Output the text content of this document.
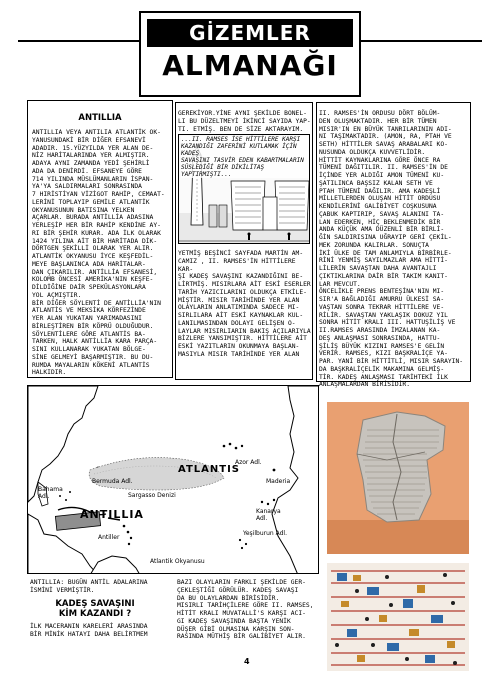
GİZEMLER
ALMANAĞI
ANTILLIA
ANTILLIA VEYA ANTILIA ATLANTİK OK-
YANUSUNDAKİ BİR DİĞER EFSANEVİ
ADADIR. 15.YÜZYILDA YER ALAN DE-
NİZ HARİTALARINDA YER ALMIŞTIR.
ADAYA AYNI ZAMANDA YEDİ ŞEHİRLİ
ADA DA DENİRDİ. EFSANEYE GÖRE
714 YILINDA MÜSLÜMANLARIN İSPAN-
YA'YA SALDIRMALARI SONRASINDA
7 HIRİSTİYAN VİZİGOT RAHİP, CEMAAT-
LERİNİ TOPLAYIP GEMİLE ATLANTİK
OKYANUSUNUN BATISINA YELKEN
AÇARLAR. BURADA ANTİLLİA ADASINA
YERLEŞİP HER BİR RAHİP KENDİNE AY-
RI BİR ŞEHİR KURAR. ADA İLK OLARAK
1424 YILINA AİT BİR HARİTADA DİK-
DÖRTGEN ŞEKİLLİ OLARAK YER ALIR.
ATLANTİK OKYANUSU İYCE KEŞFEDİL-
MEYE BAŞLANINCA ADA HARİTALAR-
DAN ÇIKARILIR. ANTİLLİA EFSANESİ,
KOLOMB ÖNCESİ AMERİKA'NIN KEŞFE-
DİLDİĞİNE DAİR SPEKÜLASYONLARA
YOL AÇMIŞTIR.
BİR DİĞER SÖYLENTİ DE ANTİLLİA'NIN
ATLANTİS VE MEKSİKA KÖRFEZİNDE
YER ALAN YUKATAN YARIMADASINI
BİRLEŞTİREN BİR KÖPRÜ OLDUĞUDUR.
SÖYLENTİLERE GÖRE ATLANTİS BA-
TARKEN, HALK ANTİLLİA KARA PARÇA-
SINI KULLANARAK YUKATAN BÖLGE-
SİNE GELMEYİ BAŞARMIŞTIR. BU DU-
RUMDA MAYALARIN KÖKENİ ATLANTİS
HALKIDIR.
GEREKİYOR.YİNE AYNI ŞEKİLDE BONEL-
LI BU DÜZELTMEYİ İKİNCİ SAYIDA YAP-
TI. ETMİŞ. BEN DE SİZE AKTARAYIM.
...II. RAMSES İSE HİTTİLERE KARŞI
KAZANDIĞI ZAFERİNİ KUTLAMAK İÇİN KADEŞ
SAVAŞINI TASVİR EDEN KABARTMALARIN
SÜSLEDİĞİ BİR DİKİLİTAŞ YAPTIRMIŞTI...
YETMİŞ BEŞİNCİ SAYFADA MARTİN AM-
CAMIZ , II. RAMSES'İN HİTTİLERE KAR-
ŞI KADEŞ SAVAŞINI KAZANDIĞINI BE-
LİRTMİŞ. MISIRLARA AİT ESKİ ESERLER
TARİH YAZICILARINI OLDUKÇA ETKİLE-
MİŞTİR. MISIR TARİHİNDE YER ALAN
OLAYLARIN ANLATIMINDA SADECE MI-
SIRLILARA AİT ESKİ KAYNAKLAR KUL-
LANILMASINDAN DOLAYI GELİŞEN O-
LAYLAR MISIRLIARIN BAKIŞ AÇILARIYLA
BİZLERE YANSIMIŞTIR. HİTTİLERE AİT
ESKİ YAZITLARIN OKUNMAYA BAŞLAN-
MASIYLA MISIR TARİHİNDE YER ALAN
II. RAMSES'İN ORDUSU DÖRT BÖLÜM-
DEN OLUŞMAKTADIR. HER BİR TÜMEN
MISIR'IN EN BÜYÜK TANRILARININ ADI-
NI TAŞIMAKTADIR. (AMON, RA, PTAH VE
SETH) HİTTİLER SAVAŞ ARABALARI KO-
NUSUNDA OLDUKÇA KUVVETLİDİR.
HİTTİT KAYNAKLARINA GÖRE ÖNCE RA
TÜMENİ DAĞITILIR. II. RAMSES'İN DE
İÇİNDE YER ALDIĞI AMON TÜMENİ KU-
ŞATILINCA BAŞSIZ KALAN SETH VE
PTAH TÜMENİ DAĞILIR. AMA KADEŞLİ
MİLLETLERDEN OLUŞAN HİTİT ORDUSU
KENDİLERİNİ GALİBİYET COŞKUSUNA
ÇABUK KAPTIRIP, SAVAŞ ALANINI TA-
LAN EDERKEN, HİÇ BEKLENMEDİK BİR
ANDA KÜÇÜK AMA DÜZENLİ BİR BİRLİ-
ĞİN SALDIRISINA UĞRAYIP GERİ ÇEKİL-
MEK ZORUNDA KALIRLAR. SONUÇTA
İKİ ÜLKE DE TAM ANLAMIYLA BİRBİRLE-
RİNİ YENMİŞ SAYILMAZLAR AMA HİTTİ-
LİLERİN SAVAŞTAN DAHA AVANTAJLI
ÇIKTIKLARINA DAİR BİR TAKIM KANIT-
LAR MEVCUT.
ÖNCELİKLE PRENS BENTEŞİNA'NIN MI-
SIR'A BAĞLADIĞI AMURRU ÜLKESİ SA-
VAŞTAN SONRA TEKRAR HİTTİLERE VE-
RİLİR. SAVAŞTAN YAKLAŞIK DOKUZ YIL
SONRA HİTİT KRALI III. HATTUŞİLİŞ VE
II.RAMSES ARASINDA İMZALANAN KA-
DEŞ ANLAŞMASI SONRASINDA, HATTU-
ŞİLİŞ BÜYÜK KIZINI RAMSES'E GELİN
VERİR. RAMSES, KIZI BAŞKRALİÇE YA-
PAR. YANİ BİR HİTTİTLİ, MISIR SARAYIN-
DA BAŞKRALİÇELİK MAKAMINA GELMİŞ-
TİR. KADEŞ ANLAŞMASI TARİHTEKİ İLK
ANLAŞMALARDAN BİRİSİDİR.
ATLANTIS
ANTILLIA
Bermuda Adl.
Sargasso Denizi
Bahama
Adl.
Azor Adl.
Maderia
Kanarya
Adl.
Yeşilburun Adl.
Antiller
Atlantik Okyanusu
ANTILLIA: BUGÜN ANTİL ADALARINA
İSMİNİ VERMİŞTİR.
KADEŞ SAVAŞINI
KİM KAZANDI ?
İLK MACERANIN KARELERİ ARASINDA
BİR MİNİK HATAYI DAHA BELİRTMEM
BAZI OLAYLARIN FARKLI ŞEKİLDE GER-
ÇEKLEŞTİĞİ GÖRÜLÜR. KADEŞ SAVAŞI
DA BU OLAYLARDAN BİRİSİDİR.
MISIRLI TARİHÇİLERE GÖRE II. RAMSES,
HİTİT KRALI MUVATALLİ'S KARŞI ACI-
GI KADEŞ SAVAŞINDA BAŞTA YENİK
DÜŞER GİBİ OLMASINA KARŞIN SON-
RASINDA MÜTHİŞ BİR GALİBİYET ALIR.
4
